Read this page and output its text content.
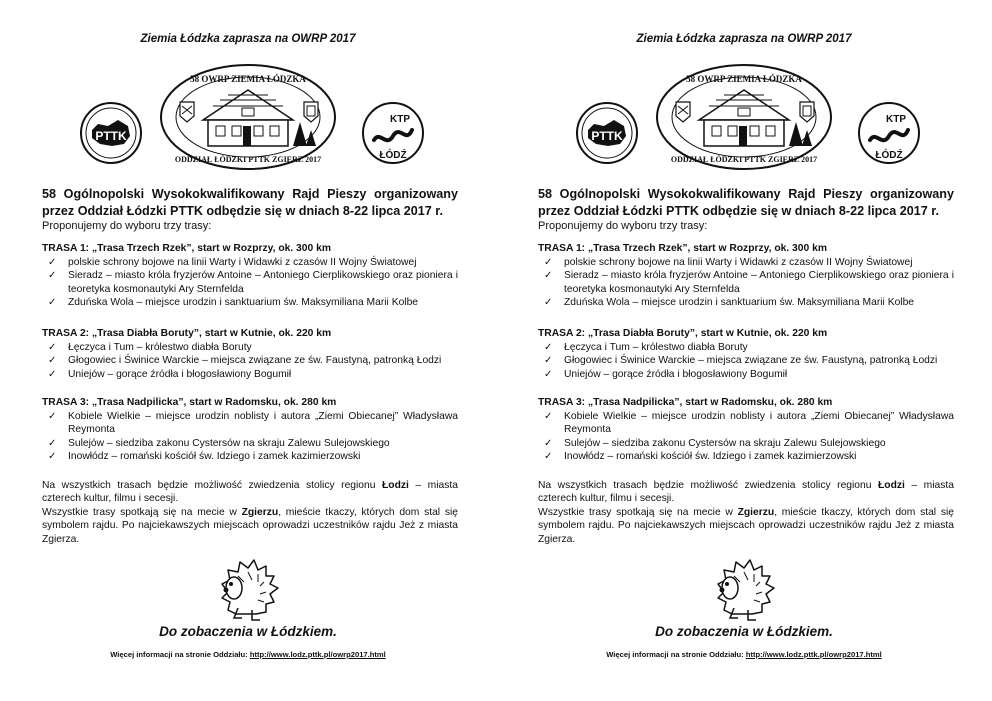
Ziemia Łódzka zaprasza na OWRP 2017
PTTK
58 OWRP ZIEMIA ŁÓDZKA
ODDZIAŁ ŁÓDZKI PTTK ZGIERZ 2017
KTP
ŁÓDŹ
58 Ogólnopolski Wysokokwalifikowany Rajd Pieszy organizowany przez Oddział Łódzki PTTK odbędzie się w dniach 8-22 lipca 2017 r.
Proponujemy do wyboru trzy trasy:
TRASA 1: „Trasa Trzech Rzek”, start w Rozprzy, ok. 300 km
✓ polskie schrony bojowe na linii Warty i Widawki z czasów II Wojny Światowej
✓ Sieradz – miasto króla fryzjerów Antoine – Antoniego Cierplikowskiego oraz pioniera i teoretyka kosmonautyki Ary Sternfelda
✓ Zduńska Wola – miejsce urodzin i sanktuarium św. Maksymiliana Marii Kolbe
TRASA 2: „Trasa Diabła Boruty”, start w Kutnie, ok. 220 km
✓ Łęczyca i Tum – królestwo diabła Boruty
✓ Głogowiec i Świnice Warckie – miejsca związane ze św. Faustyną, patronką Łodzi
✓ Uniejów – gorące źródła i błogosławiony Bogumił
TRASA 3: „Trasa Nadpilicka”, start w Radomsku, ok. 280 km
✓ Kobiele Wielkie – miejsce urodzin noblisty i autora „Ziemi Obiecanej” Władysława Reymonta
✓ Sulejów – siedziba zakonu Cystersów na skraju Zalewu Sulejowskiego
✓ Inowłódz – romański kościół św. Idziego i zamek kazimierzowski

Na wszystkich trasach będzie możliwość zwiedzenia stolicy regionu Łodzi – miasta czterech kultur, filmu i secesji.

Wszystkie trasy spotkają się na mecie w Zgierzu, mieście tkaczy, których dom stal się symbolem rajdu. Po najciekawszych miejscach oprowadzi uczestników rajdu Jeż z miasta Zgierza.

Do zobaczenia w Łódzkiem.
Więcej informacji na stronie Oddziału: http://www.lodz.pttk.pl/owrp2017.html
Ziemia Łódzka zaprasza na OWRP 2017
PTTK
58 OWRP ZIEMIA ŁÓDZKA
ODDZIAŁ ŁÓDZKI PTTK ZGIERZ 2017
KTP
ŁÓDŹ
58 Ogólnopolski Wysokokwalifikowany Rajd Pieszy organizowany przez Oddział Łódzki PTTK odbędzie się w dniach 8-22 lipca 2017 r.
Proponujemy do wyboru trzy trasy:
TRASA 1: „Trasa Trzech Rzek”, start w Rozprzy, ok. 300 km
✓ polskie schrony bojowe na linii Warty i Widawki z czasów II Wojny Światowej
✓ Sieradz – miasto króla fryzjerów Antoine – Antoniego Cierplikowskiego oraz pioniera i teoretyka kosmonautyki Ary Sternfelda
✓ Zduńska Wola – miejsce urodzin i sanktuarium św. Maksymiliana Marii Kolbe
TRASA 2: „Trasa Diabła Boruty”, start w Kutnie, ok. 220 km
✓ Łęczyca i Tum – królestwo diabła Boruty
✓ Głogowiec i Świnice Warckie – miejsca związane ze św. Faustyną, patronką Łodzi
✓ Uniejów – gorące źródła i błogosławiony Bogumił
TRASA 3: „Trasa Nadpilicka”, start w Radomsku, ok. 280 km
✓ Kobiele Wielkie – miejsce urodzin noblisty i autora „Ziemi Obiecanej” Władysława Reymonta
✓ Sulejów – siedziba zakonu Cystersów na skraju Zalewu Sulejowskiego
✓ Inowłódz – romański kościół św. Idziego i zamek kazimierzowski

Na wszystkich trasach będzie możliwość zwiedzenia stolicy regionu Łodzi – miasta czterech kultur, filmu i secesji.

Wszystkie trasy spotkają się na mecie w Zgierzu, mieście tkaczy, których dom stal się symbolem rajdu. Po najciekawszych miejscach oprowadzi uczestników rajdu Jeż z miasta Zgierza.

Do zobaczenia w Łódzkiem.
Więcej informacji na stronie Oddziału: http://www.lodz.pttk.pl/owrp2017.html
